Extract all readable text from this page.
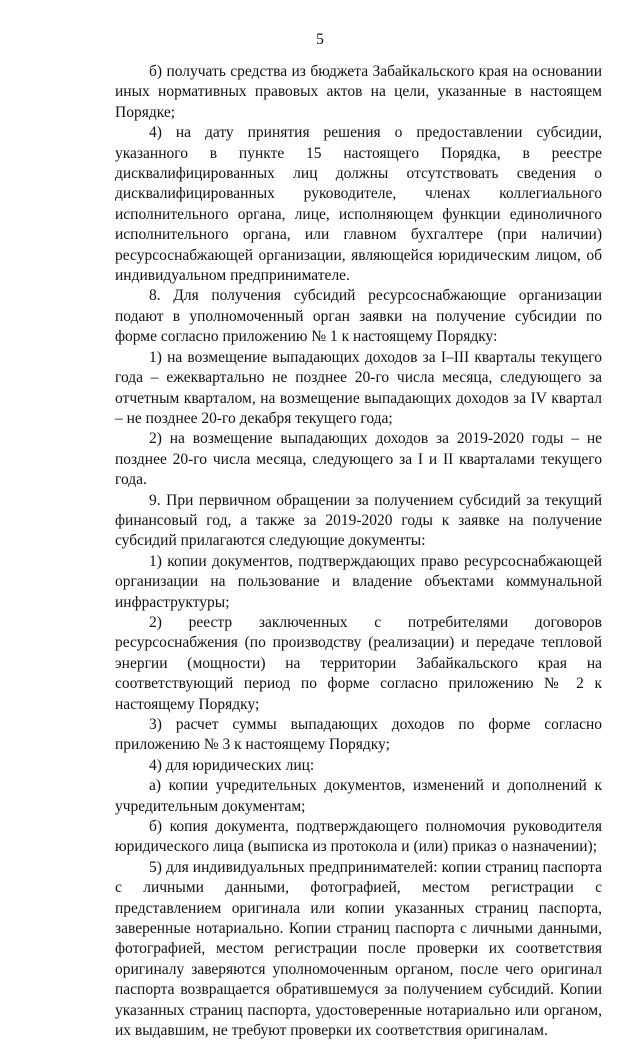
5

б) получать средства из бюджета Забайкальского края на основании иных нормативных правовых актов на цели, указанные в настоящем Порядке;

4) на дату принятия решения о предоставлении субсидии, указанного в пункте 15 настоящего Порядка, в реестре дисквалифицированных лиц должны отсутствовать сведения о дисквалифицированных руководителе, членах коллегиального исполнительного органа, лице, исполняющем функции единоличного исполнительного органа, или главном бухгалтере (при наличии) ресурсоснабжающей организации, являющейся юридическим лицом, об индивидуальном предпринимателе.

8. Для получения субсидий ресурсоснабжающие организации подают в уполномоченный орган заявки на получение субсидии по форме согласно приложению № 1 к настоящему Порядку:

1) на возмещение выпадающих доходов за I–III кварталы текущего года – ежеквартально не позднее 20-го числа месяца, следующего за отчетным кварталом, на возмещение выпадающих доходов за IV квартал – не позднее 20-го декабря текущего года;

2) на возмещение выпадающих доходов за 2019-2020 годы – не позднее 20-го числа месяца, следующего за I и II кварталами текущего года.

9. При первичном обращении за получением субсидий за текущий финансовый год, а также за 2019-2020 годы к заявке на получение субсидий прилагаются следующие документы:

1) копии документов, подтверждающих право ресурсоснабжающей организации на пользование и владение объектами коммунальной инфраструктуры;

2) реестр заключенных с потребителями договоров ресурсоснабжения (по производству (реализации) и передаче тепловой энергии (мощности) на территории Забайкальского края на соответствующий период по форме согласно приложению № 2 к настоящему Порядку;

3) расчет суммы выпадающих доходов по форме согласно приложению № 3 к настоящему Порядку;

4) для юридических лиц:

а) копии учредительных документов, изменений и дополнений к учредительным документам;

б) копия документа, подтверждающего полномочия руководителя юридического лица (выписка из протокола и (или) приказ о назначении);

5) для индивидуальных предпринимателей: копии страниц паспорта с личными данными, фотографией, местом регистрации с представлением оригинала или копии указанных страниц паспорта, заверенные нотариально. Копии страниц паспорта с личными данными, фотографией, местом регистрации после проверки их соответствия оригиналу заверяются уполномоченным органом, после чего оригинал паспорта возвращается обратившемуся за получением субсидий. Копии указанных страниц паспорта, удостоверенные нотариально или органом, их выдавшим, не требуют проверки их соответствия оригиналам.
